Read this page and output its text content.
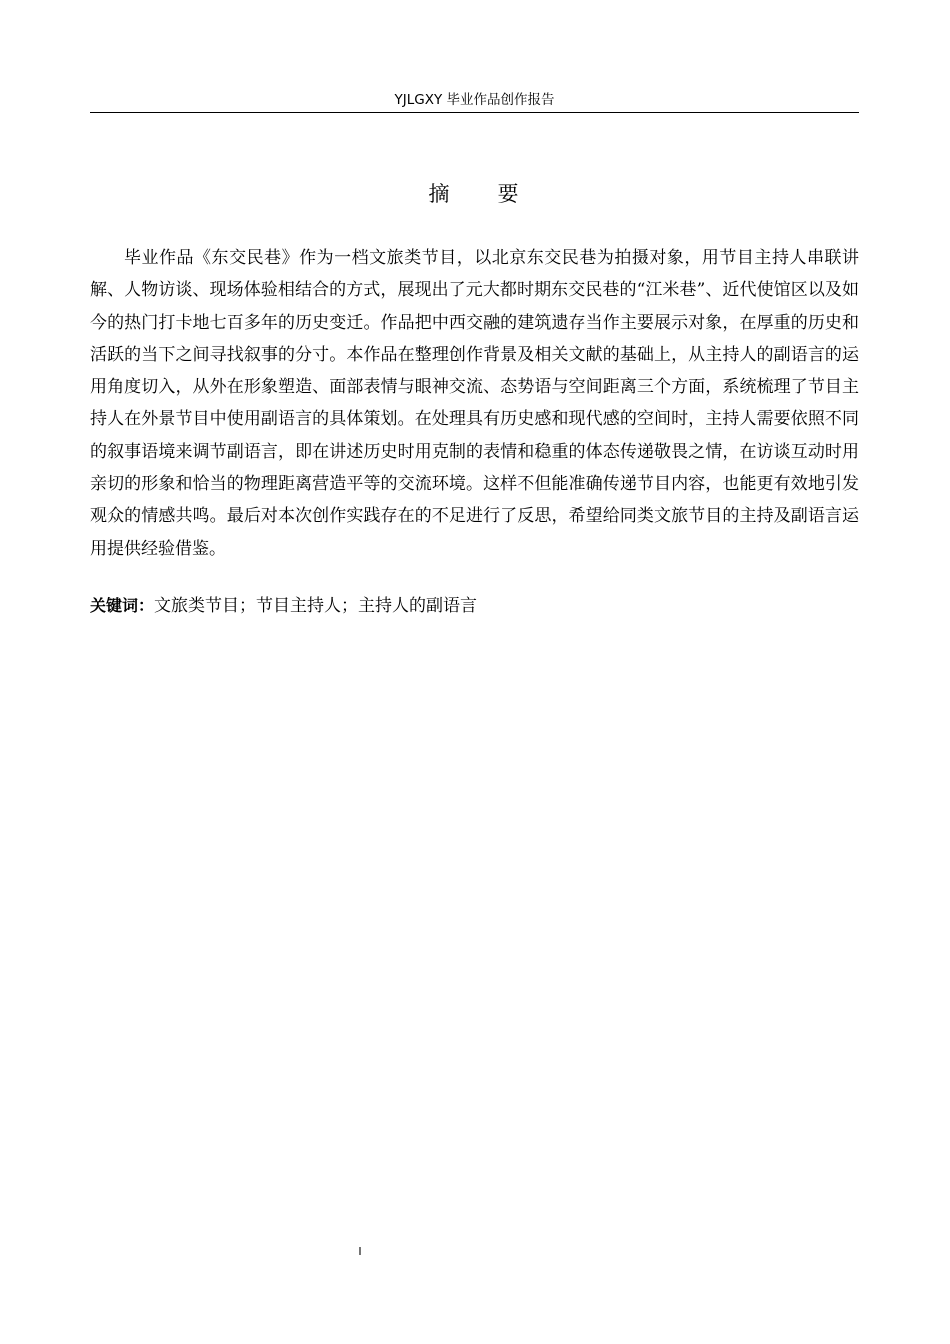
YJLGXY 毕业作品创作报告
摘　　要

毕业作品《东交民巷》作为一档文旅类节目，以北京东交民巷为拍摄对象，用节目主持人串联讲解、人物访谈、现场体验相结合的方式，展现出了元大都时期东交民巷的“江米巷”、近代使馆区以及如今的热门打卡地七百多年的历史变迁。作品把中西交融的建筑遗存当作主要展示对象，在厚重的历史和活跃的当下之间寻找叙事的分寸。本作品在整理创作背景及相关文献的基础上，从主持人的副语言的运用角度切入，从外在形象塑造、面部表情与眼神交流、态势语与空间距离三个方面，系统梳理了节目主持人在外景节目中使用副语言的具体策划。在处理具有历史感和现代感的空间时，主持人需要依照不同的叙事语境来调节副语言，即在讲述历史时用克制的表情和稳重的体态传递敬畏之情，在访谈互动时用亲切的形象和恰当的物理距离营造平等的交流环境。这样不但能准确传递节目内容，也能更有效地引发观众的情感共鸣。最后对本次创作实践存在的不足进行了反思，希望给同类文旅节目的主持及副语言运用提供经验借鉴。

关键词：文旅类节目；节目主持人；主持人的副语言

I
